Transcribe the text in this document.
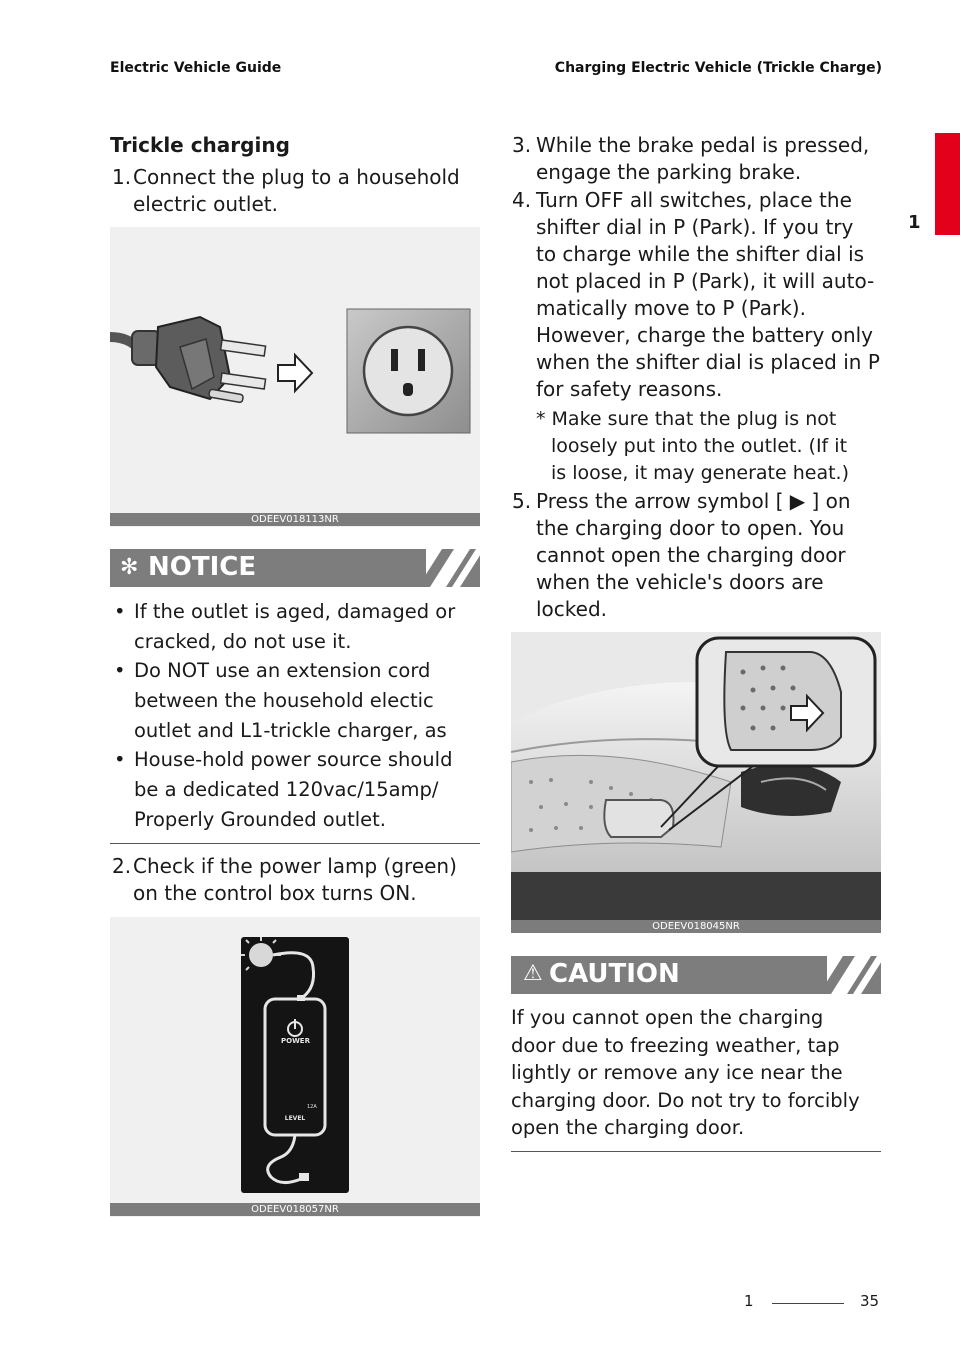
Electric Vehicle Guide	Charging Electric Vehicle (Trickle Charge)
1
Trickle charging
1. Connect the plug to a household
electric outlet.
ODEEV018113NR
✻ NOTICE
• If the outlet is aged, damaged or
cracked, do not use it.
• Do NOT use an extension cord
between the household electic
outlet and L1-trickle charger, as
• House-hold power source should
be a dedicated 120vac/15amp/
Properly Grounded outlet.
2. Check if the power lamp (green)
on the control box turns ON.
POWER
12A
LEVEL
ODEEV018057NR
3. While the brake pedal is pressed,
engage the parking brake.
4. Turn OFF all switches, place the
shifter dial in P (Park). If you try
to charge while the shifter dial is
not placed in P (Park), it will auto-
matically move to P (Park).
However, charge the battery only
when the shifter dial is placed in P
for safety reasons.
* Make sure that the plug is not
loosely put into the outlet. (If it
is loose, it may generate heat.)
5. Press the arrow symbol [ ▶ ] on
the charging door to open. You
cannot open the charging door
when the vehicle's doors are
locked.
ODEEV018045NR
⚠ CAUTION
If you cannot open the charging
door due to freezing weather, tap
lightly or remove any ice near the
charging door. Do not try to forcibly
open the charging door.
1	35
